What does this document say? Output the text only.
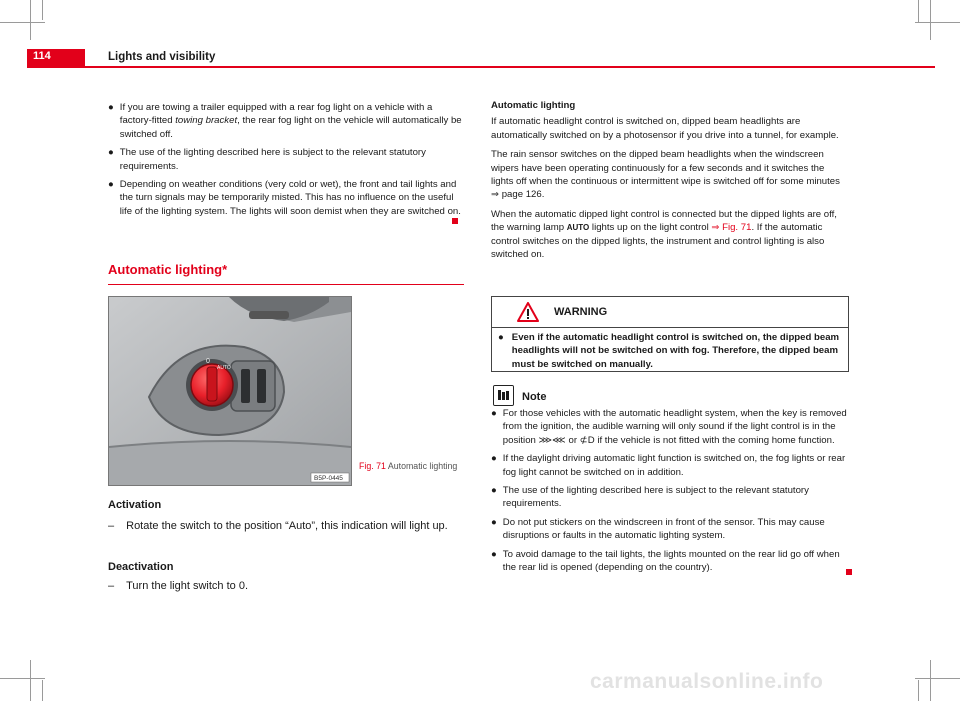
114	Lights and visibility
● If you are towing a trailer equipped with a rear fog light on a vehicle with a factory-fitted towing bracket, the rear fog light on the vehicle will automatically be switched off.
● The use of the lighting described here is subject to the relevant statutory requirements.
● Depending on weather conditions (very cold or wet), the front and tail lights and the turn signals may be temporarily misted. This has no influence on the useful life of the lighting system. The lights will soon demist when they are switched on.
Automatic lighting*
0
AUTO
B5P-0445
Fig. 71 Automatic lighting
Activation
– Rotate the switch to the position “Auto”, this indication will light up.
Deactivation
– Turn the light switch to 0.

Automatic lighting

If automatic headlight control is switched on, dipped beam headlights are automatically switched on by a photosensor if you drive into a tunnel, for example.

The rain sensor switches on the dipped beam headlights when the windscreen wipers have been operating continuously for a few seconds and it switches the lights off when the continuous or intermittent wipe is switched off for some minutes ⇒ page 126.

When the automatic dipped light control is connected but the dipped lights are off, the warning lamp AUTO lights up on the light control ⇒ Fig. 71. If the automatic control switches on the dipped lights, the instrument and control lighting is also switched on.

WARNING
● Even if the automatic headlight control is switched on, the dipped beam headlights will not be switched on with fog. Therefore, the dipped beam must be switched on manually.
Note
● For those vehicles with the automatic headlight system, when the key is removed from the ignition, the audible warning will only sound if the light control is in the position ⋙⋘ or ⊄D if the vehicle is not fitted with the coming home function.
● If the daylight driving automatic light function is switched on, the fog lights or rear fog light cannot be switched on in addition.
● The use of the lighting described here is subject to the relevant statutory requirements.
● Do not put stickers on the windscreen in front of the sensor. This may cause disruptions or faults in the automatic lighting system.
● To avoid damage to the tail lights, the lights mounted on the rear lid go off when the rear lid is opened (depending on the country).
carmanualsonline.info
